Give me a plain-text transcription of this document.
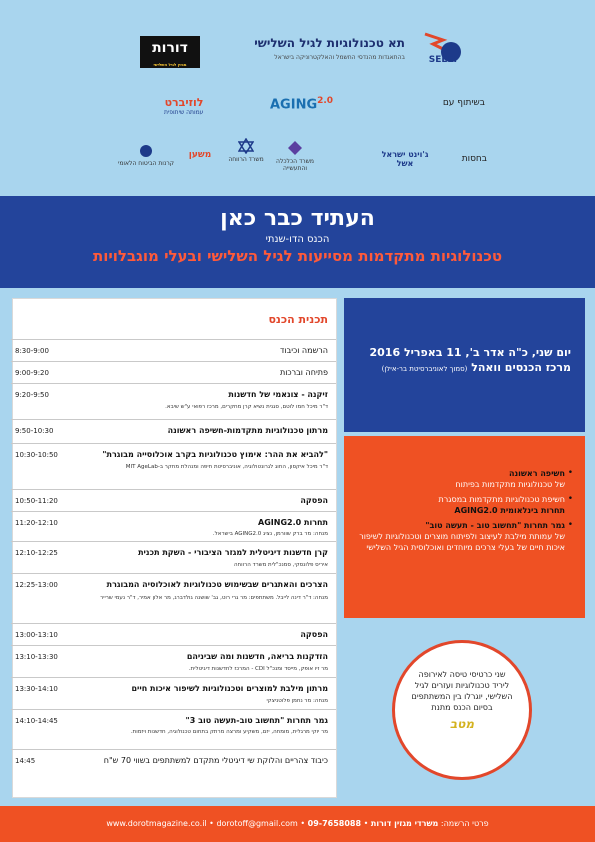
SEEEI
תא טכנולוגיות לגיל השלישי
בהתאגדות מהנדסי החשמל והאלקטרוניקה בישראל
דורות
מגזין לגיל השלישי
בשיתוף עם
$AGING^{2.0}$
לוזיברט
עמותה שיתופית
בחסות
ג'וינט ישראל אשל
משרד הכלכלה והתעשייה
משרד הרווחה
משען
קרנות הביטוח הלאומי
העתיד כבר כאן
הכנס הדו-שנתי
טכנולוגיות מתקדמות מסייעות לגיל השלישי ובעלי מוגבלויות
תכנית הכנס
8:30-9:00	הרשמה וכיבוד
9:00-9:20	פתיחה וברכות
9:20-9:50	זיקנה - צונאמי של חדשנות
ד"ר מיכל חמו לוטם, סגנית נשיא קרן מחקרים, מרכז רפואי ע"ש שיבא.
9:50-10:30	מרתון טכנולוגיות מתקדמות-חשיפה ראשונה
10:30-10:50	"להביא את ההר: אימוץ טכנולוגיות בקרב אוכלוסייה מבוגרת"
ד"ר מיכל איקסון, החוג לגרונטולוגיה, אוניברסיטת חיפה ומנהלת מחקר ב-MIT AgeLab
10:50-11:20	הפסקה
11:20-12:10	תחרות AGING2.0
מנחה: מר ברק שוורמן, נציג AGING2.0 בישראל.
12:10-12:25	קרן חדשנות דיגיטלית למגזר הציבורי - השקת תכנית
איריס פלונסקי, סמנכ"לית משרד הרווחה
12:25-13:00	הצרכים והאתגרים שבשימוש טכנולוגיות לאוכלוסיה המבוגרת
מנחה: ד"ר דינה לייבל. משתתפים: מר גרי רוט, גב' שושנה גולדברג, מר אלון אמיר, ד"ר נעמי שרייר
13:00-13:10	הפסקה
13:10-13:30	הזדקנות בריאה, חדשנות ומה שביניהם
מר זיו אופק, מייסד ומנכ"ל CDI - המרכז לחדשנות דיגיטלית.
13:30-14:10	מרתון מילבת למוצרים וטכנולוגיות לשיפור איכות חיים
מנחה: מר נחמן פלוטניצקי
14:10-14:45	גמר תחרות "תחשוב טוב-תעשה טוב 3"
מר יוקי מרגלית, מומחה, יזם, משקיע ומרצה מרתק בתחום טכנולוגיה, חדשנות ויזמות.
14:45	כיבוד צהריים והלוקת שי דיגיטלי מתקדם למשתתפים בשווי 70 ש"ח
יום שני, כ"ה אדר ב', 11 באפריל 2016
מרכז הכנסים וואהל (סמוך לאוניברסיטת בר-אילן)
• חשיפה ראשונה
של טכנולוגיות מתקדמות בפיתוח
• חשיפת טכנולוגיות מתקדמות במסגרת
תחרות בינלאומית AGING2.0
• גמר תחרות "תחשוב טוב - תעשה טוב"
של עמותת מילבת לעיצוב ולפיתוח מוצרים וטכנולוגיות לשיפור איכות חיים של בעלי צרכים מיוחדים ואוכלוסית הגיל השלישי

שני כרטיסי טיסה לאירופה ליריד טכנולוגיות ועזרים לגיל השלישי, יוגרלו בין המשתתפים בסיום הכנס מתנת

מטב
פרטי הרשמה: משרדי מגזין דורות • 09-7658088 • www.dorotmagazine.co.il • dorotoff@gmail.com
